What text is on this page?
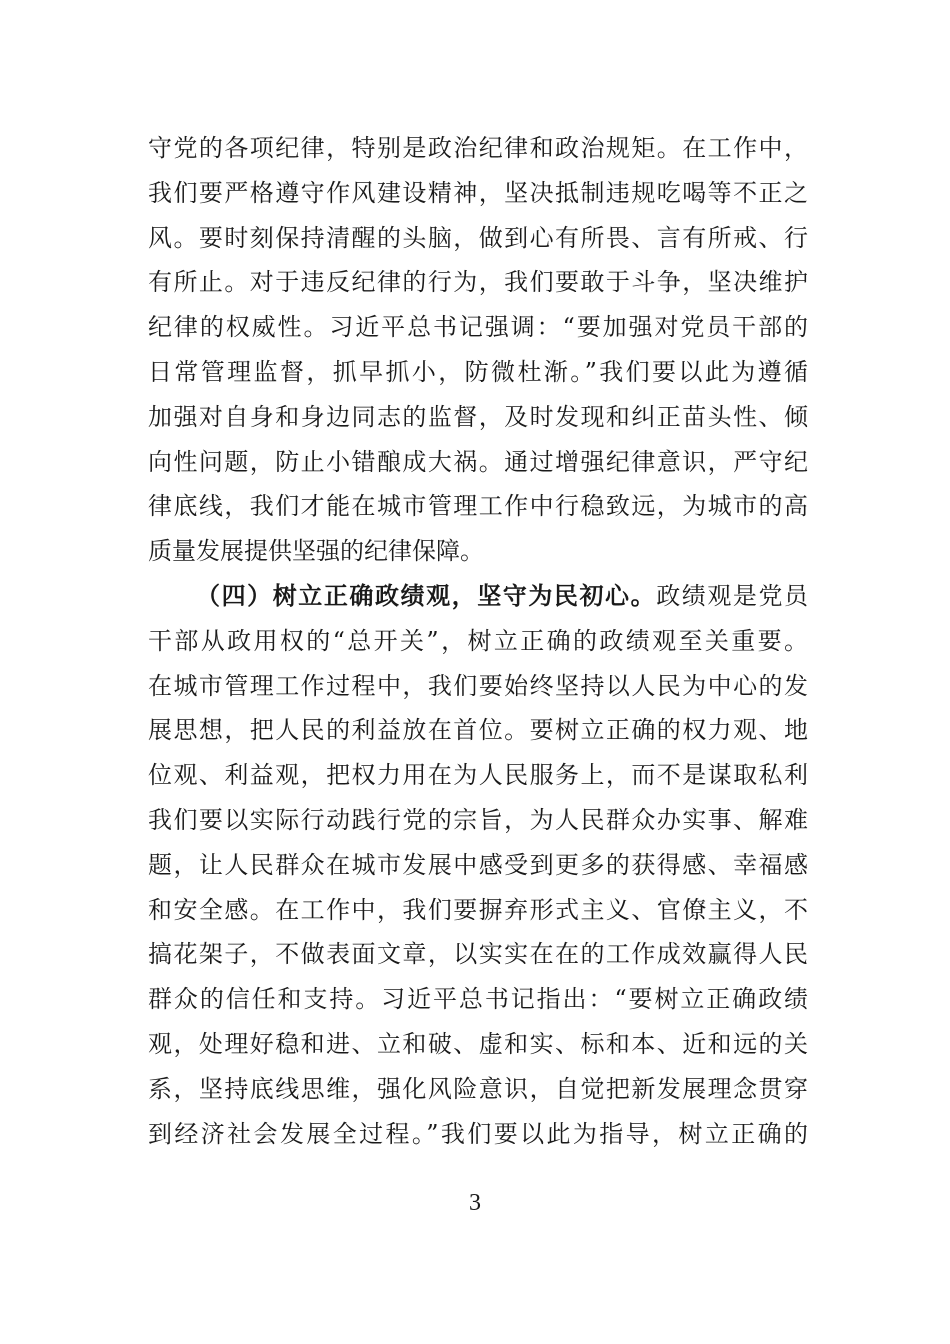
守党的各项纪律，特别是政治纪律和政治规矩。在工作中，
我们要严格遵守作风建设精神，坚决抵制违规吃喝等不正之
风。要时刻保持清醒的头脑，做到心有所畏、言有所戒、行
有所止。对于违反纪律的行为，我们要敢于斗争，坚决维护
纪律的权威性。习近平总书记强调：“要加强对党员干部的
日常管理监督，抓早抓小，防微杜渐。”我们要以此为遵循
加强对自身和身边同志的监督，及时发现和纠正苗头性、倾
向性问题，防止小错酿成大祸。通过增强纪律意识，严守纪
律底线，我们才能在城市管理工作中行稳致远，为城市的高
质量发展提供坚强的纪律保障。
（四）树立正确政绩观，坚守为民初心。政绩观是党员
干部从政用权的“总开关”，树立正确的政绩观至关重要。
在城市管理工作过程中，我们要始终坚持以人民为中心的发
展思想，把人民的利益放在首位。要树立正确的权力观、地
位观、利益观，把权力用在为人民服务上，而不是谋取私利
我们要以实际行动践行党的宗旨，为人民群众办实事、解难
题，让人民群众在城市发展中感受到更多的获得感、幸福感
和安全感。在工作中，我们要摒弃形式主义、官僚主义，不
搞花架子，不做表面文章，以实实在在的工作成效赢得人民
群众的信任和支持。习近平总书记指出：“要树立正确政绩
观，处理好稳和进、立和破、虚和实、标和本、近和远的关
系，坚持底线思维，强化风险意识，自觉把新发展理念贯穿
到经济社会发展全过程。”我们要以此为指导，树立正确的
3
